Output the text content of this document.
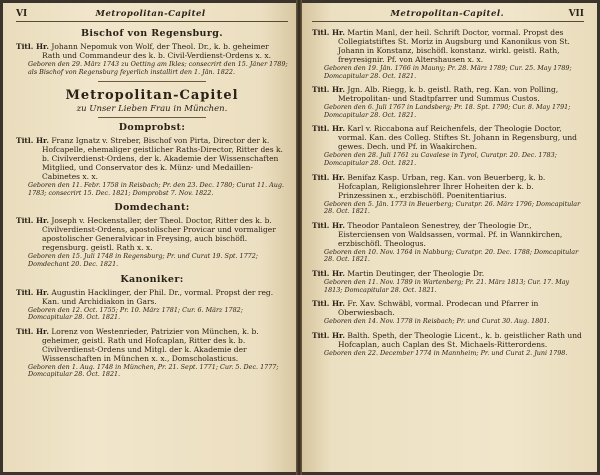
VI	Metropolitan-Capitel
Bischof von Regensburg.
Titl. Hr. Johann Nepomuk von Wolf, der Theol. Dr., k. b. geheimer Rath und Commandeur des k. b. Civil-Verdienst-Ordens x. x.
Geboren den 29. März 1743 zu Oetting am Ikles; consecrirt den 15. Jäner 1789; als Bischof von Regensburg feyerlich installirt den 1. Jän. 1822.
Metropolitan-Capitel
zu Unser Lieben Frau in München.
Domprobst:
Titl. Hr. Franz Ignatz v. Streber, Bischof von Pirta, Director der k. Hofcapelle, ehemaliger geistlicher Raths-Director, Ritter des k. b. Civilverdienst-Ordens, der k. Akademie der Wissenschaften Mitglied, und Conservator des k. Münz- und Medaillen-Cabinetes x. x.
Geboren den 11. Febr. 1758 in Reisbach; Pr. den 23. Dec. 1780; Curat 11. Aug. 1783; consecrirt 15. Dec. 1821; Domprobst 7. Nov. 1822.
Domdechant:
Titl. Hr. Joseph v. Heckenstaller, der Theol. Doctor, Ritter des k. b. Civilverdienst-Ordens, apostolischer Provicar und vormaliger apostolischer Generalvicar in Freysing, auch bischöfl. regensburg. geistl. Rath x. x.
Geboren den 15. Juli 1748 in Regensburg; Pr. und Curat 19. Spt. 1772; Domdechant 20. Dec. 1821.
Kanoniker:
Titl. Hr. Augustin Hacklinger, der Phil. Dr., vormal. Propst der reg. Kan. und Archidiakon in Gars.
Geboren den 12. Oct. 1755; Pr. 10. März 1781; Cur. 6. März 1782; Domcapitular 28. Oct. 1821.
Titl. Hr. Lorenz von Westenrieder, Patrizier von München, k. b. geheimer, geistl. Rath und Hofcaplan, Ritter des k. b. Civilverdienst-Ordens und Mitgl. der k. Akademie der Wissenschaften in München x. x., Domscholasticus.
Geboren den 1. Aug. 1748 in München, Pr. 21. Sept. 1771; Cur. 5. Dec. 1777; Domcapitular 28. Oct. 1821.
Metropolitan-Capitel.	VII
Titl. Hr. Martin Manl, der heil. Schrift Doctor, vormal. Propst des Collegiatstiftes St. Moriz in Augsburg und Kanonikus von St. Johann in Konstanz, bischöfl. konstanz. wirkl. geistl. Rath, freyresignir. Pf. von Altershausen x. x.
Geboren den 19. Jän. 1766 in Mauny; Pr. 28. März 1789; Cur. 25. May 1789; Domcapitular 28. Oct. 1821.
Titl. Hr. Jgn. Alb. Riegg, k. b. geistl. Rath, reg. Kan. von Polling, Metropolitan- und Stadtpfarrer und Summus Custos.
Geboren den 6. Juli 1767 in Landsberg; Pr. 18. Spt. 1790; Cur. 8. May 1791; Domcapitular 28. Oct. 1821.
Titl. Hr. Karl v. Riccabona auf Reichenfels, der Theologie Doctor, vormal. Kan. des Colleg. Stiftes St. Johann in Regensburg, und gewes. Dech. und Pf. in Waakirchen.
Geboren den 28. Juli 1761 zu Cavalese in Tyrol, Curatpr. 20. Dec. 1783; Domcapitular 28. Oct. 1821.
Titl. Hr. Benifaz Kasp. Urban, reg. Kan. von Beuerberg, k. b. Hofcaplan, Religionslehrer Ihrer Hoheiten der k. b. Prinzessinen x., erzbischöfl. Poenitentiarius.
Geboren den 5. Jän. 1773 in Beuerberg; Curatpr. 26. März 1796; Domcapitular 28. Oct. 1821.
Titl. Hr. Theodor Pantaleon Senestrey, der Theologie Dr., Eisterciensen von Waldsassen, vormal. Pf. in Wannkirchen, erzbischöfl. Theologus.
Geboren den 10. Nov. 1764 in Nabburg; Curatpr. 20. Dec. 1788; Domcapitular 28. Oct. 1821.
Titl. Hr. Martin Deutinger, der Theologie Dr.
Geboren den 11. Nov. 1789 in Wartenberg; Pr. 21. März 1813; Cur. 17. May 1813; Domcapitular 28. Oct. 1821.
Titl. Hr. Fr. Xav. Schwäbl, vormal. Prodecan und Pfarrer in Oberwiesbach.
Geboren den 14. Nov. 1778 in Reisbach; Pr. und Curat 30. Aug. 1801.
Titl. Hr. Balth. Speth, der Theologie Licent., k. b. geistlicher Rath und Hofcaplan, auch Caplan des St. Michaels-Ritterordens.
Geboren den 22. December 1774 in Mannheim; Pr. und Curat 2. Juni 1798.
